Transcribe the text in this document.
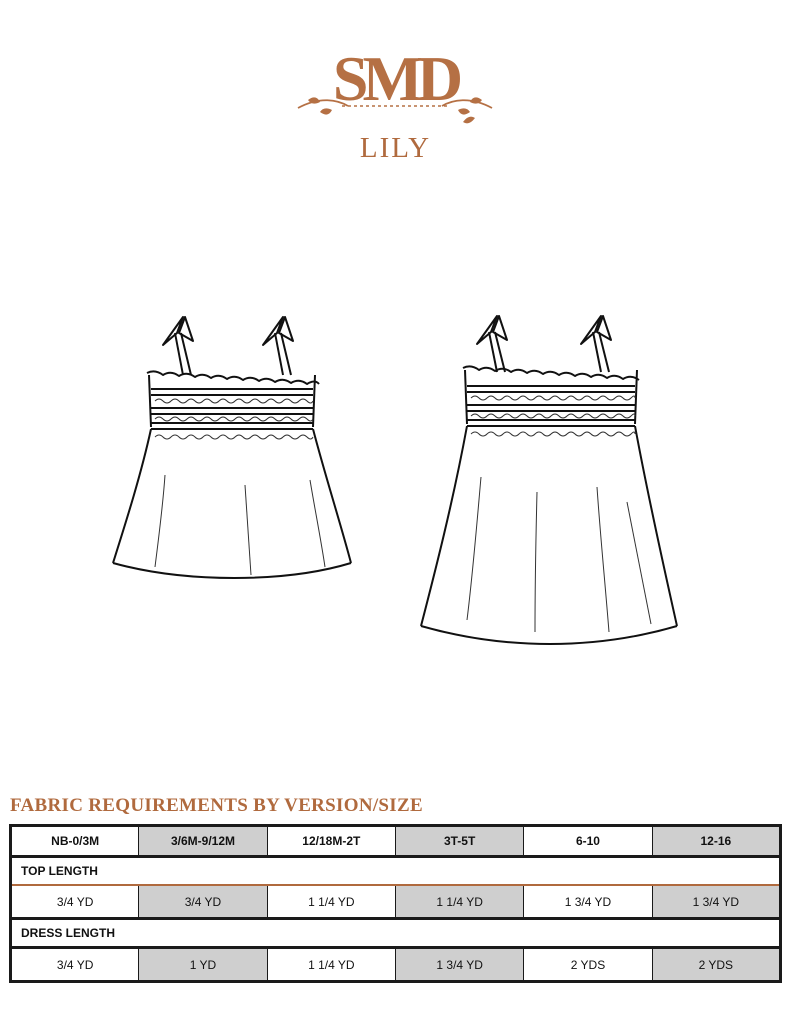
SMD
LILY
FABRIC REQUIREMENTS BY VERSION/SIZE
NB-0/3M	3/6M-9/12M	12/18M-2T	3T-5T	6-10	12-16
TOP LENGTH					
3/4 YD	3/4 YD	1 1/4 YD	1 1/4 YD	1 3/4 YD	1 3/4 YD
DRESS LENGTH					
3/4 YD	1 YD	1 1/4 YD	1 3/4 YD	2 YDS	2 YDS
